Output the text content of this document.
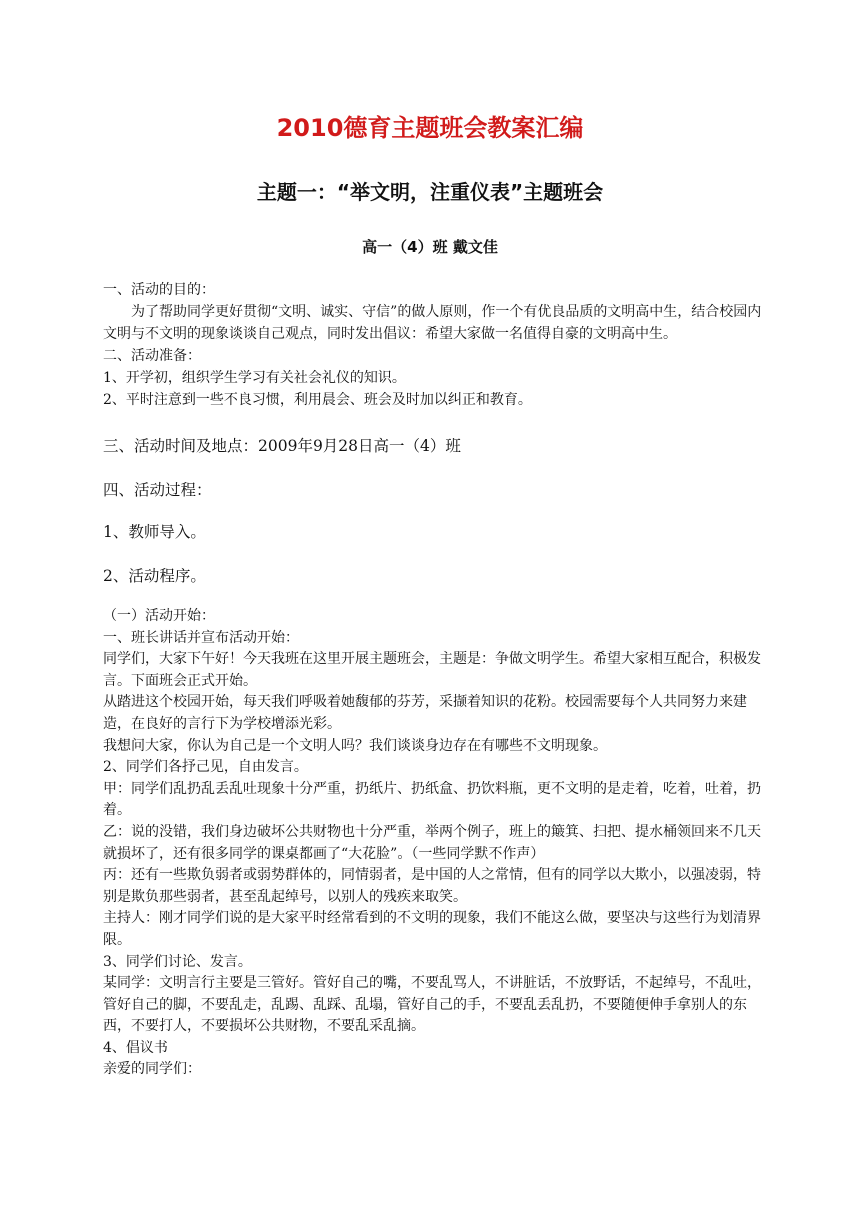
2010德育主题班会教案汇编
主题一：“举文明，注重仪表”主题班会
高一（4）班 戴文佳

一、活动的目的：

为了帮助同学更好贯彻“文明、诚实、守信”的做人原则，作一个有优良品质的文明高中生，结合校园内文明与不文明的现象谈谈自己观点，同时发出倡议：希望大家做一名值得自豪的文明高中生。

二、活动准备：

1、开学初，组织学生学习有关社会礼仪的知识。

2、平时注意到一些不良习惯，利用晨会、班会及时加以纠正和教育。

三、活动时间及地点：2009年9月28日高一（4）班
四、活动过程：
1、教师导入。
2、活动程序。

（一）活动开始：

一、班长讲话并宣布活动开始：

同学们，大家下午好！今天我班在这里开展主题班会，主题是：争做文明学生。希望大家相互配合，积极发言。下面班会正式开始。

从踏进这个校园开始，每天我们呼吸着她馥郁的芬芳，采撷着知识的花粉。校园需要每个人共同努力来建造，在良好的言行下为学校增添光彩。

我想问大家，你认为自己是一个文明人吗？我们谈谈身边存在有哪些不文明现象。

2、同学们各抒己见，自由发言。

甲：同学们乱扔乱丢乱吐现象十分严重，扔纸片、扔纸盒、扔饮料瓶，更不文明的是走着，吃着，吐着，扔着。

乙：说的没错，我们身边破坏公共财物也十分严重，举两个例子，班上的簸箕、扫把、提水桶领回来不几天就损坏了，还有很多同学的课桌都画了“大花脸”。（一些同学默不作声）

丙：还有一些欺负弱者或弱势群体的，同情弱者，是中国的人之常情，但有的同学以大欺小，以强凌弱，特别是欺负那些弱者，甚至乱起绰号，以别人的残疾来取笑。

主持人：刚才同学们说的是大家平时经常看到的不文明的现象，我们不能这么做，要坚决与这些行为划清界限。

3、同学们讨论、发言。

某同学：文明言行主要是三管好。管好自己的嘴，不要乱骂人，不讲脏话，不放野话，不起绰号，不乱吐，管好自己的脚，不要乱走，乱踢、乱踩、乱塌，管好自己的手，不要乱丢乱扔，不要随便伸手拿别人的东西，不要打人，不要损坏公共财物，不要乱采乱摘。

4、倡议书

亲爱的同学们：
